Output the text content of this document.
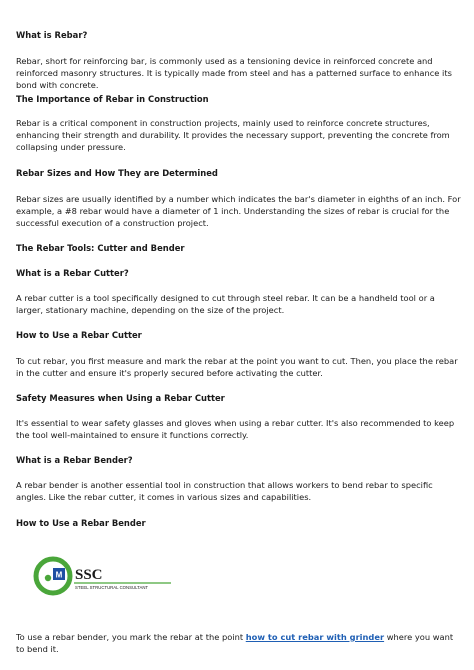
What is Rebar?

Rebar, short for reinforcing bar, is commonly used as a tensioning device in reinforced concrete and reinforced masonry structures. It is typically made from steel and has a patterned surface to enhance its bond with concrete.

The Importance of Rebar in Construction

Rebar is a critical component in construction projects, mainly used to reinforce concrete structures, enhancing their strength and durability. It provides the necessary support, preventing the concrete from collapsing under pressure.

Rebar Sizes and How They are Determined

Rebar sizes are usually identified by a number which indicates the bar's diameter in eighths of an inch. For example, a #8 rebar would have a diameter of 1 inch. Understanding the sizes of rebar is crucial for the successful execution of a construction project.

The Rebar Tools: Cutter and Bender
What is a Rebar Cutter?

A rebar cutter is a tool specifically designed to cut through steel rebar. It can be a handheld tool or a larger, stationary machine, depending on the size of the project.

How to Use a Rebar Cutter

To cut rebar, you first measure and mark the rebar at the point you want to cut. Then, you place the rebar in the cutter and ensure it's properly secured before activating the cutter.

Safety Measures when Using a Rebar Cutter

It's essential to wear safety glasses and gloves when using a rebar cutter. It's also recommended to keep the tool well-maintained to ensure it functions correctly.

What is a Rebar Bender?

A rebar bender is another essential tool in construction that allows workers to bend rebar to specific angles. Like the rebar cutter, it comes in various sizes and capabilities.

How to Use a Rebar Bender
M SSC
STEEL STRUCTURAL CONSULTANT

To use a rebar bender, you mark the rebar at the point how to cut rebar with grinder where you want to bend it.
